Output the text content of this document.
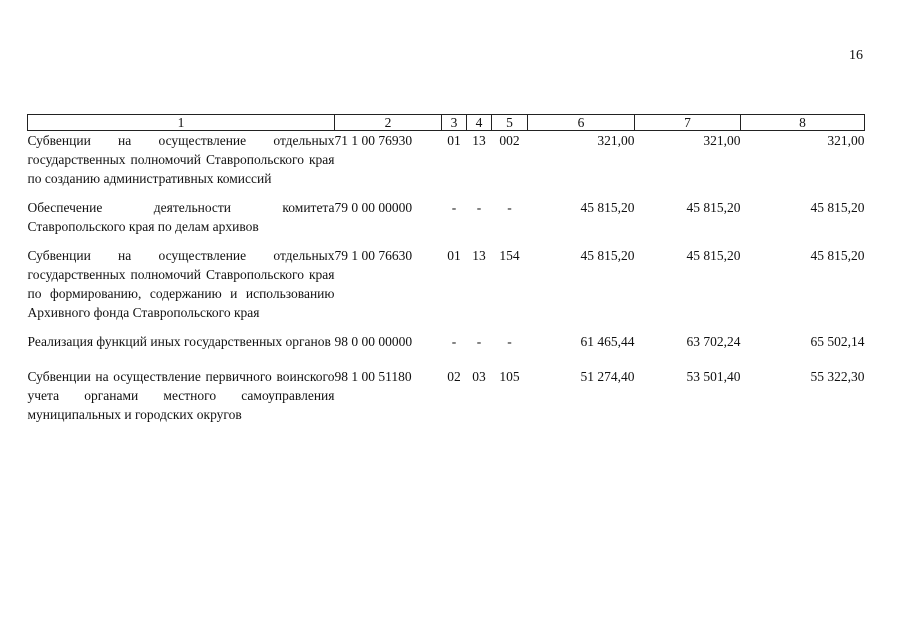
16
1	2	3	4	5	6	7	8
Субвенции на осуществление отдельных государственных полномочий Ставропольского края по созданию административных комиссий	71 1 00 76930	01	13	002	321,00	321,00	321,00

Обеспечение деятельности комитета Ставропольского края по делам архивов	79 0 00 00000	-	-	-	45 815,20	45 815,20	45 815,20

Субвенции на осуществление отдельных государственных полномочий Ставропольского края по формированию, содержанию и использованию Архивного фонда Ставропольского края	79 1 00 76630	01	13	154	45 815,20	45 815,20	45 815,20

Реализация функций иных государственных органов	98 0 00 00000	-	-	-	61 465,44	63 702,24	65 502,14

Субвенции на осуществление первичного воинского учета органами местного самоуправления муниципальных и городских округов	98 1 00 51180	02	03	105	51 274,40	53 501,40	55 322,30
